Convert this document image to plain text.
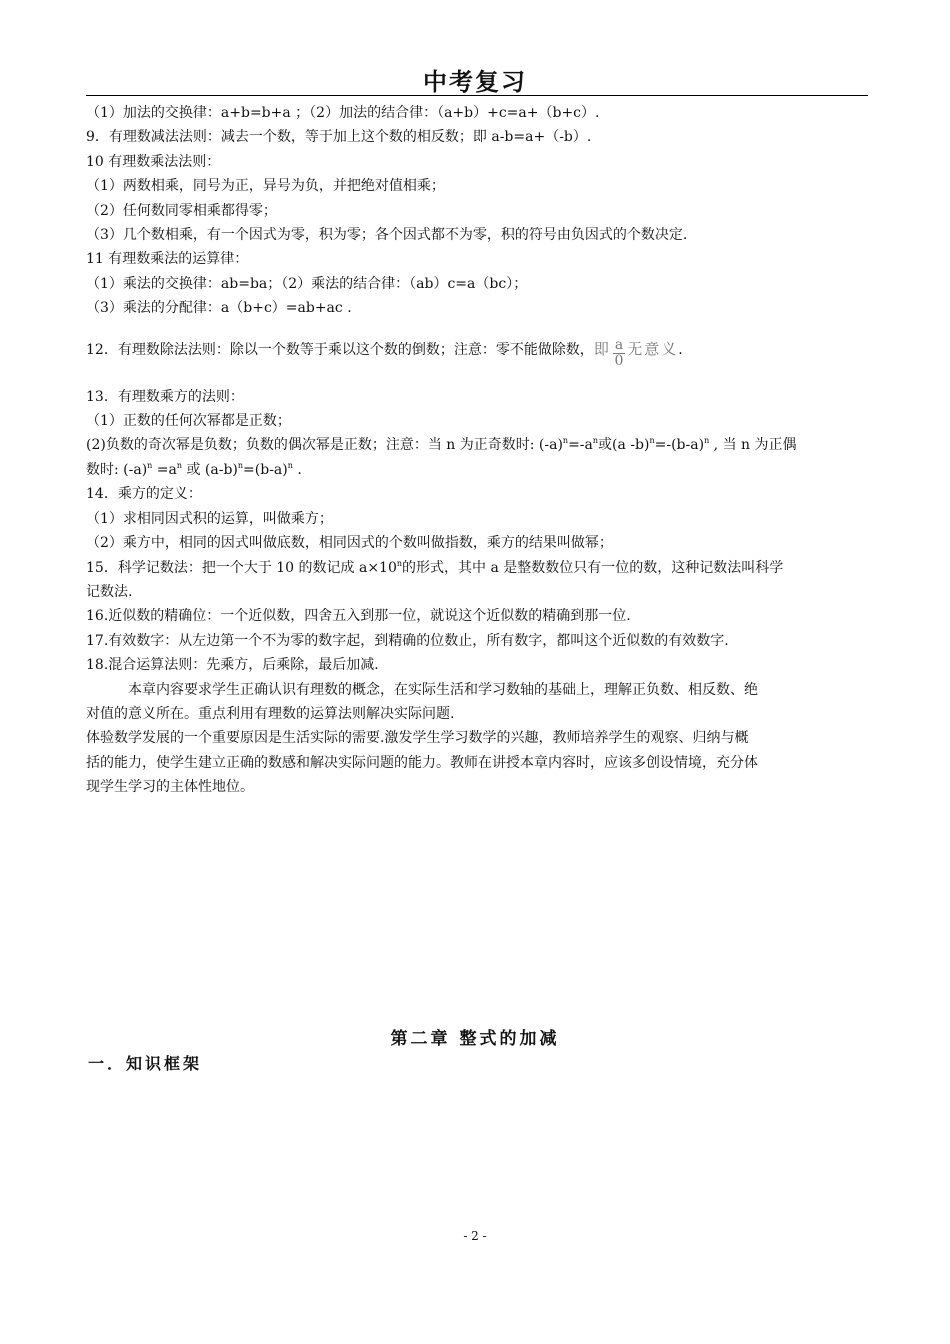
中考复习
（1）加法的交换律：a+b=b+a ；（2）加法的结合律：（a+b）+c=a+（b+c）.
9．有理数减法法则：减去一个数，等于加上这个数的相反数；即 a-b=a+（-b）.
10 有理数乘法法则：
（1）两数相乘，同号为正，异号为负，并把绝对值相乘；
（2）任何数同零相乘都得零；
（3）几个数相乘，有一个因式为零，积为零；各个因式都不为零，积的符号由负因式的个数决定.
11 有理数乘法的运算律：
（1）乘法的交换律：ab=ba；（2）乘法的结合律：（ab）c=a（bc）；
（3）乘法的分配律：a（b+c）=ab+ac .
12．有理数除法法则：除以一个数等于乘以这个数的倒数；注意：零不能做除数，即 $\frac{a}{0}$ 无意义.
13．有理数乘方的法则：
（1）正数的任何次幂都是正数；
(2)负数的奇次幂是负数；负数的偶次幂是正数；注意：当 n 为正奇数时: $(-a)^n=-a^n$或(a $-b)^n=-(b-a)^n$ , 当 n 为正偶
数时: $(-a)^n =a^n$ 或 $(a-b)^n=(b-a)^n$ .
14．乘方的定义：
（1）求相同因式积的运算，叫做乘方；
（2）乘方中，相同的因式叫做底数，相同因式的个数叫做指数，乘方的结果叫做幂；
15．科学记数法：把一个大于 10 的数记成 $a\times 10^n$的形式，其中 a 是整数数位只有一位的数，这种记数法叫科学
记数法.
16.近似数的精确位：一个近似数，四舍五入到那一位，就说这个近似数的精确到那一位.
17.有效数字：从左边第一个不为零的数字起，到精确的位数止，所有数字，都叫这个近似数的有效数字.
18.混合运算法则：先乘方，后乘除，最后加减.
本章内容要求学生正确认识有理数的概念，在实际生活和学习数轴的基础上，理解正负数、相反数、绝
对值的意义所在。重点利用有理数的运算法则解决实际问题.
体验数学发展的一个重要原因是生活实际的需要.激发学生学习数学的兴趣，教师培养学生的观察、归纳与概
括的能力，使学生建立正确的数感和解决实际问题的能力。教师在讲授本章内容时，应该多创设情境，充分体
现学生学习的主体性地位。
第二章 整式的加减
一．知识框架
- 2 -
